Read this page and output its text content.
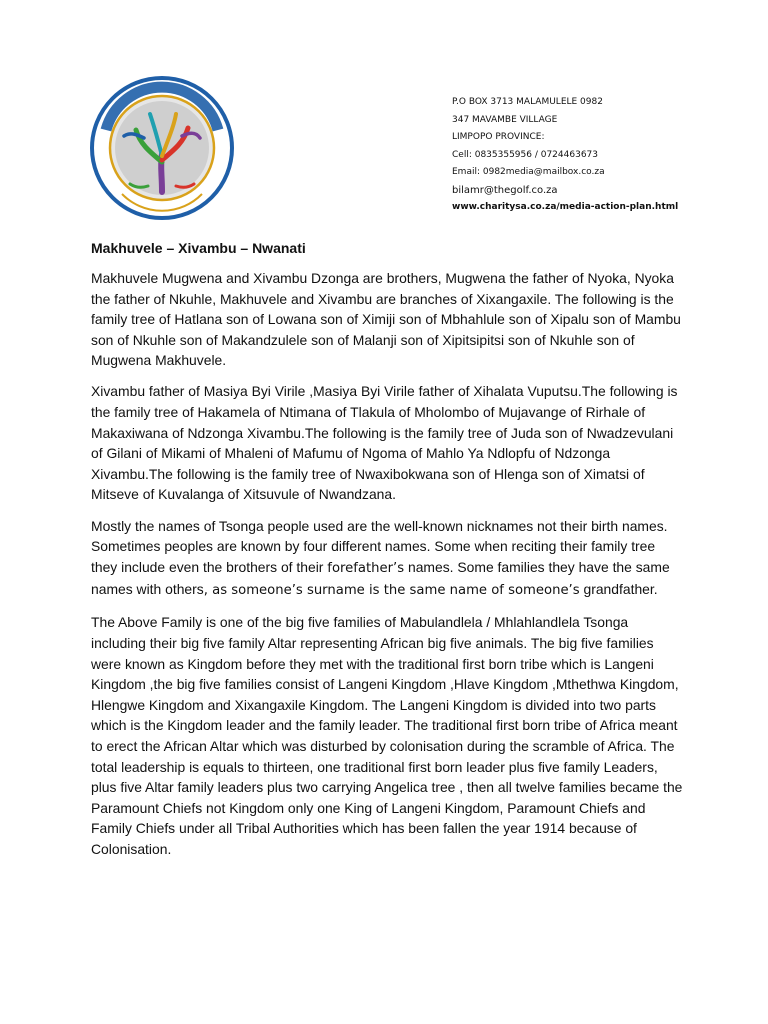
P.O BOX 3713 MALAMULELE 0982
347 MAVAMBE VILLAGE
LIMPOPO PROVINCE:
Cell: 0835355956 / 0724463673
Email: 0982media@mailbox.co.za
bilamr@thegolf.co.za
www.charitysa.co.za/media-action-plan.html
Makhuvele – Xivambu – Nwanati

Makhuvele Mugwena and Xivambu Dzonga are brothers, Mugwena the father of Nyoka, Nyoka the father of Nkuhle, Makhuvele and Xivambu are branches of Xixangaxile. The following is the family tree of Hatlana son of Lowana son of Ximiji son of Mbhahlule son of Xipalu son of Mambu son of Nkuhle son of Makandzulele son of Malanji son of Xipitsipitsi son of Nkuhle son of Mugwena Makhuvele.

Xivambu father of Masiya Byi Virile ,Masiya Byi Virile father of Xihalata Vuputsu.The following is the family tree of Hakamela of Ntimana of Tlakula of Mholombo of Mujavange of Rirhale of Makaxiwana of Ndzonga Xivambu.The following is the family tree of Juda son of Nwadzevulani of Gilani of Mikami of Mhaleni of Mafumu of Ngoma of Mahlo Ya Ndlopfu of Ndzonga Xivambu.The following is the family tree of Nwaxibokwana son of Hlenga son of Ximatsi of Mitseve of Kuvalanga of Xitsuvule of Nwandzana.

Mostly the names of Tsonga people used are the well-known nicknames not their birth names. Sometimes peoples are known by four different names. Some when reciting their family tree they include even the brothers of their forefather’s names. Some families they have the same names with others, as someone’s surname is the same name of someone’s grandfather.

The Above Family is one of the big five families of Mabulandlela / Mhlahlandlela Tsonga including their big five family Altar representing African big five animals. The big five families were known as Kingdom before they met with the traditional first born tribe which is Langeni Kingdom ,the big five families consist of Langeni Kingdom ,Hlave Kingdom ,Mthethwa Kingdom, Hlengwe Kingdom and Xixangaxile Kingdom. The Langeni Kingdom is divided into two parts which is the Kingdom leader and the family leader. The traditional first born tribe of Africa meant to erect the African Altar which was disturbed by colonisation during the scramble of Africa. The total leadership is equals to thirteen, one traditional first born leader plus five family Leaders, plus five Altar family leaders plus two carrying Angelica tree , then all twelve families became the Paramount Chiefs not Kingdom only one King of Langeni Kingdom, Paramount Chiefs and Family Chiefs under all Tribal Authorities which has been fallen the year 1914 because of Colonisation.
